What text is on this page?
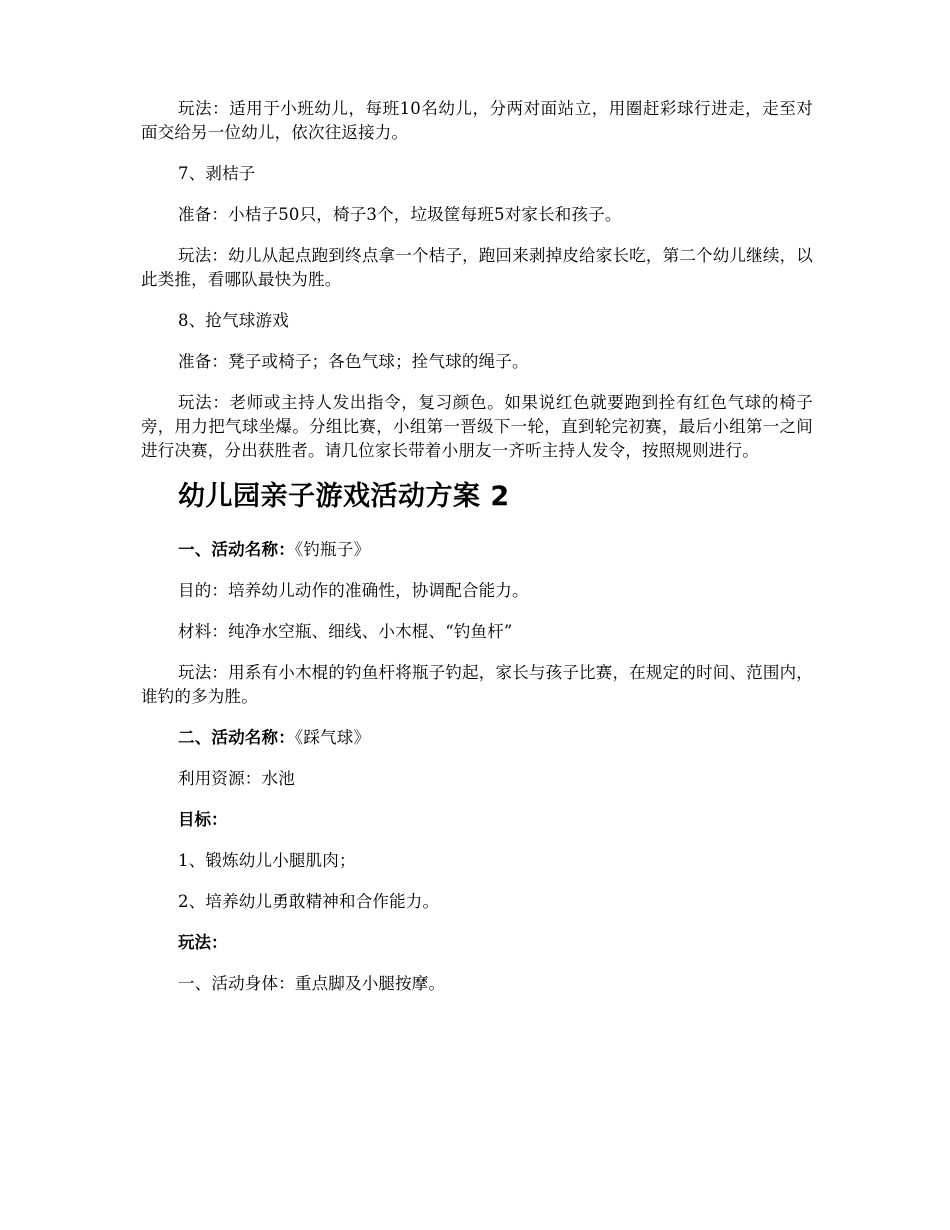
玩法：适用于小班幼儿，每班10名幼儿，分两对面站立，用圈赶彩球行进走，走至对面交给另一位幼儿，依次往返接力。

7、剥桔子

准备：小桔子50只，椅子3个，垃圾筐每班5对家长和孩子。

玩法：幼儿从起点跑到终点拿一个桔子，跑回来剥掉皮给家长吃，第二个幼儿继续，以此类推，看哪队最快为胜。

8、抢气球游戏

准备：凳子或椅子；各色气球；拴气球的绳子。

玩法：老师或主持人发出指令，复习颜色。如果说红色就要跑到拴有红色气球的椅子旁，用力把气球坐爆。分组比赛，小组第一晋级下一轮，直到轮完初赛，最后小组第一之间进行决赛，分出获胜者。请几位家长带着小朋友一齐听主持人发令，按照规则进行。

幼儿园亲子游戏活动方案 2

一、活动名称：《钓瓶子》

目的：培养幼儿动作的准确性，协调配合能力。

材料：纯净水空瓶、细线、小木棍、“钓鱼杆”

玩法：用系有小木棍的钓鱼杆将瓶子钓起，家长与孩子比赛，在规定的时间、范围内，谁钓的多为胜。

二、活动名称：《踩气球》

利用资源：水池

目标：

1、锻炼幼儿小腿肌肉；

2、培养幼儿勇敢精神和合作能力。

玩法：

一、活动身体：重点脚及小腿按摩。
